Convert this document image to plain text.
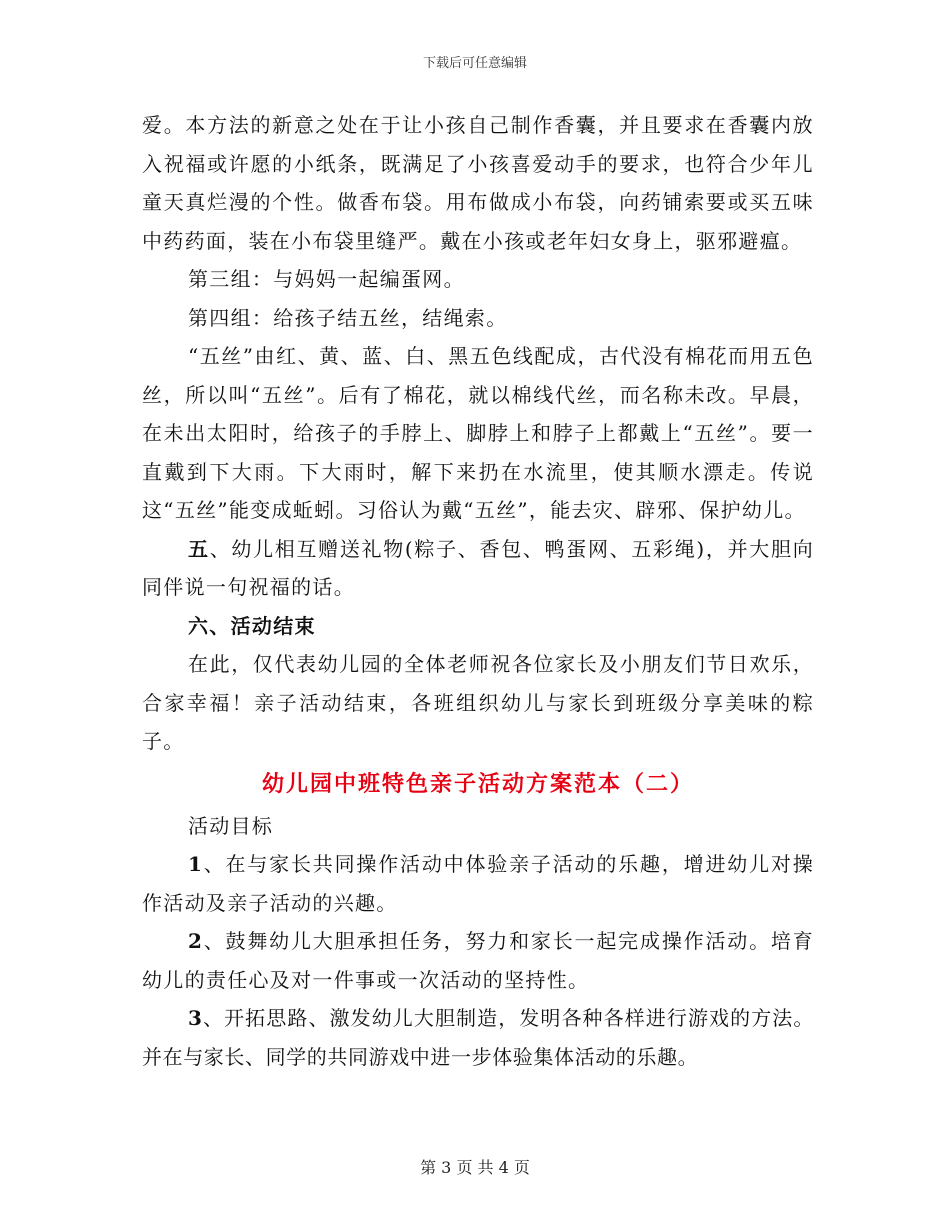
下载后可任意编辑

爱。本方法的新意之处在于让小孩自己制作香囊，并且要求在香囊内放入祝福或许愿的小纸条，既满足了小孩喜爱动手的要求，也符合少年儿童天真烂漫的个性。做香布袋。用布做成小布袋，向药铺索要或买五味中药药面，装在小布袋里缝严。戴在小孩或老年妇女身上，驱邪避瘟。

第三组：与妈妈一起编蛋网。

第四组：给孩子结五丝，结绳索。

“五丝”由红、黄、蓝、白、黑五色线配成，古代没有棉花而用五色丝，所以叫“五丝”。后有了棉花，就以棉线代丝，而名称未改。早晨，在未出太阳时，给孩子的手脖上、脚脖上和脖子上都戴上“五丝”。要一直戴到下大雨。下大雨时，解下来扔在水流里，使其顺水漂走。传说这“五丝”能变成蚯蚓。习俗认为戴“五丝”，能去灾、辟邪、保护幼儿。

五、幼儿相互赠送礼物(粽子、香包、鸭蛋网、五彩绳)，并大胆向同伴说一句祝福的话。

六、活动结束

在此，仅代表幼儿园的全体老师祝各位家长及小朋友们节日欢乐，合家幸福！亲子活动结束，各班组织幼儿与家长到班级分享美味的粽子。

幼儿园中班特色亲子活动方案范本（二）

活动目标

1、在与家长共同操作活动中体验亲子活动的乐趣，增进幼儿对操作活动及亲子活动的兴趣。

2、鼓舞幼儿大胆承担任务，努力和家长一起完成操作活动。培育幼儿的责任心及对一件事或一次活动的坚持性。

3、开拓思路、激发幼儿大胆制造，发明各种各样进行游戏的方法。并在与家长、同学的共同游戏中进一步体验集体活动的乐趣。

第 3 页 共 4 页
